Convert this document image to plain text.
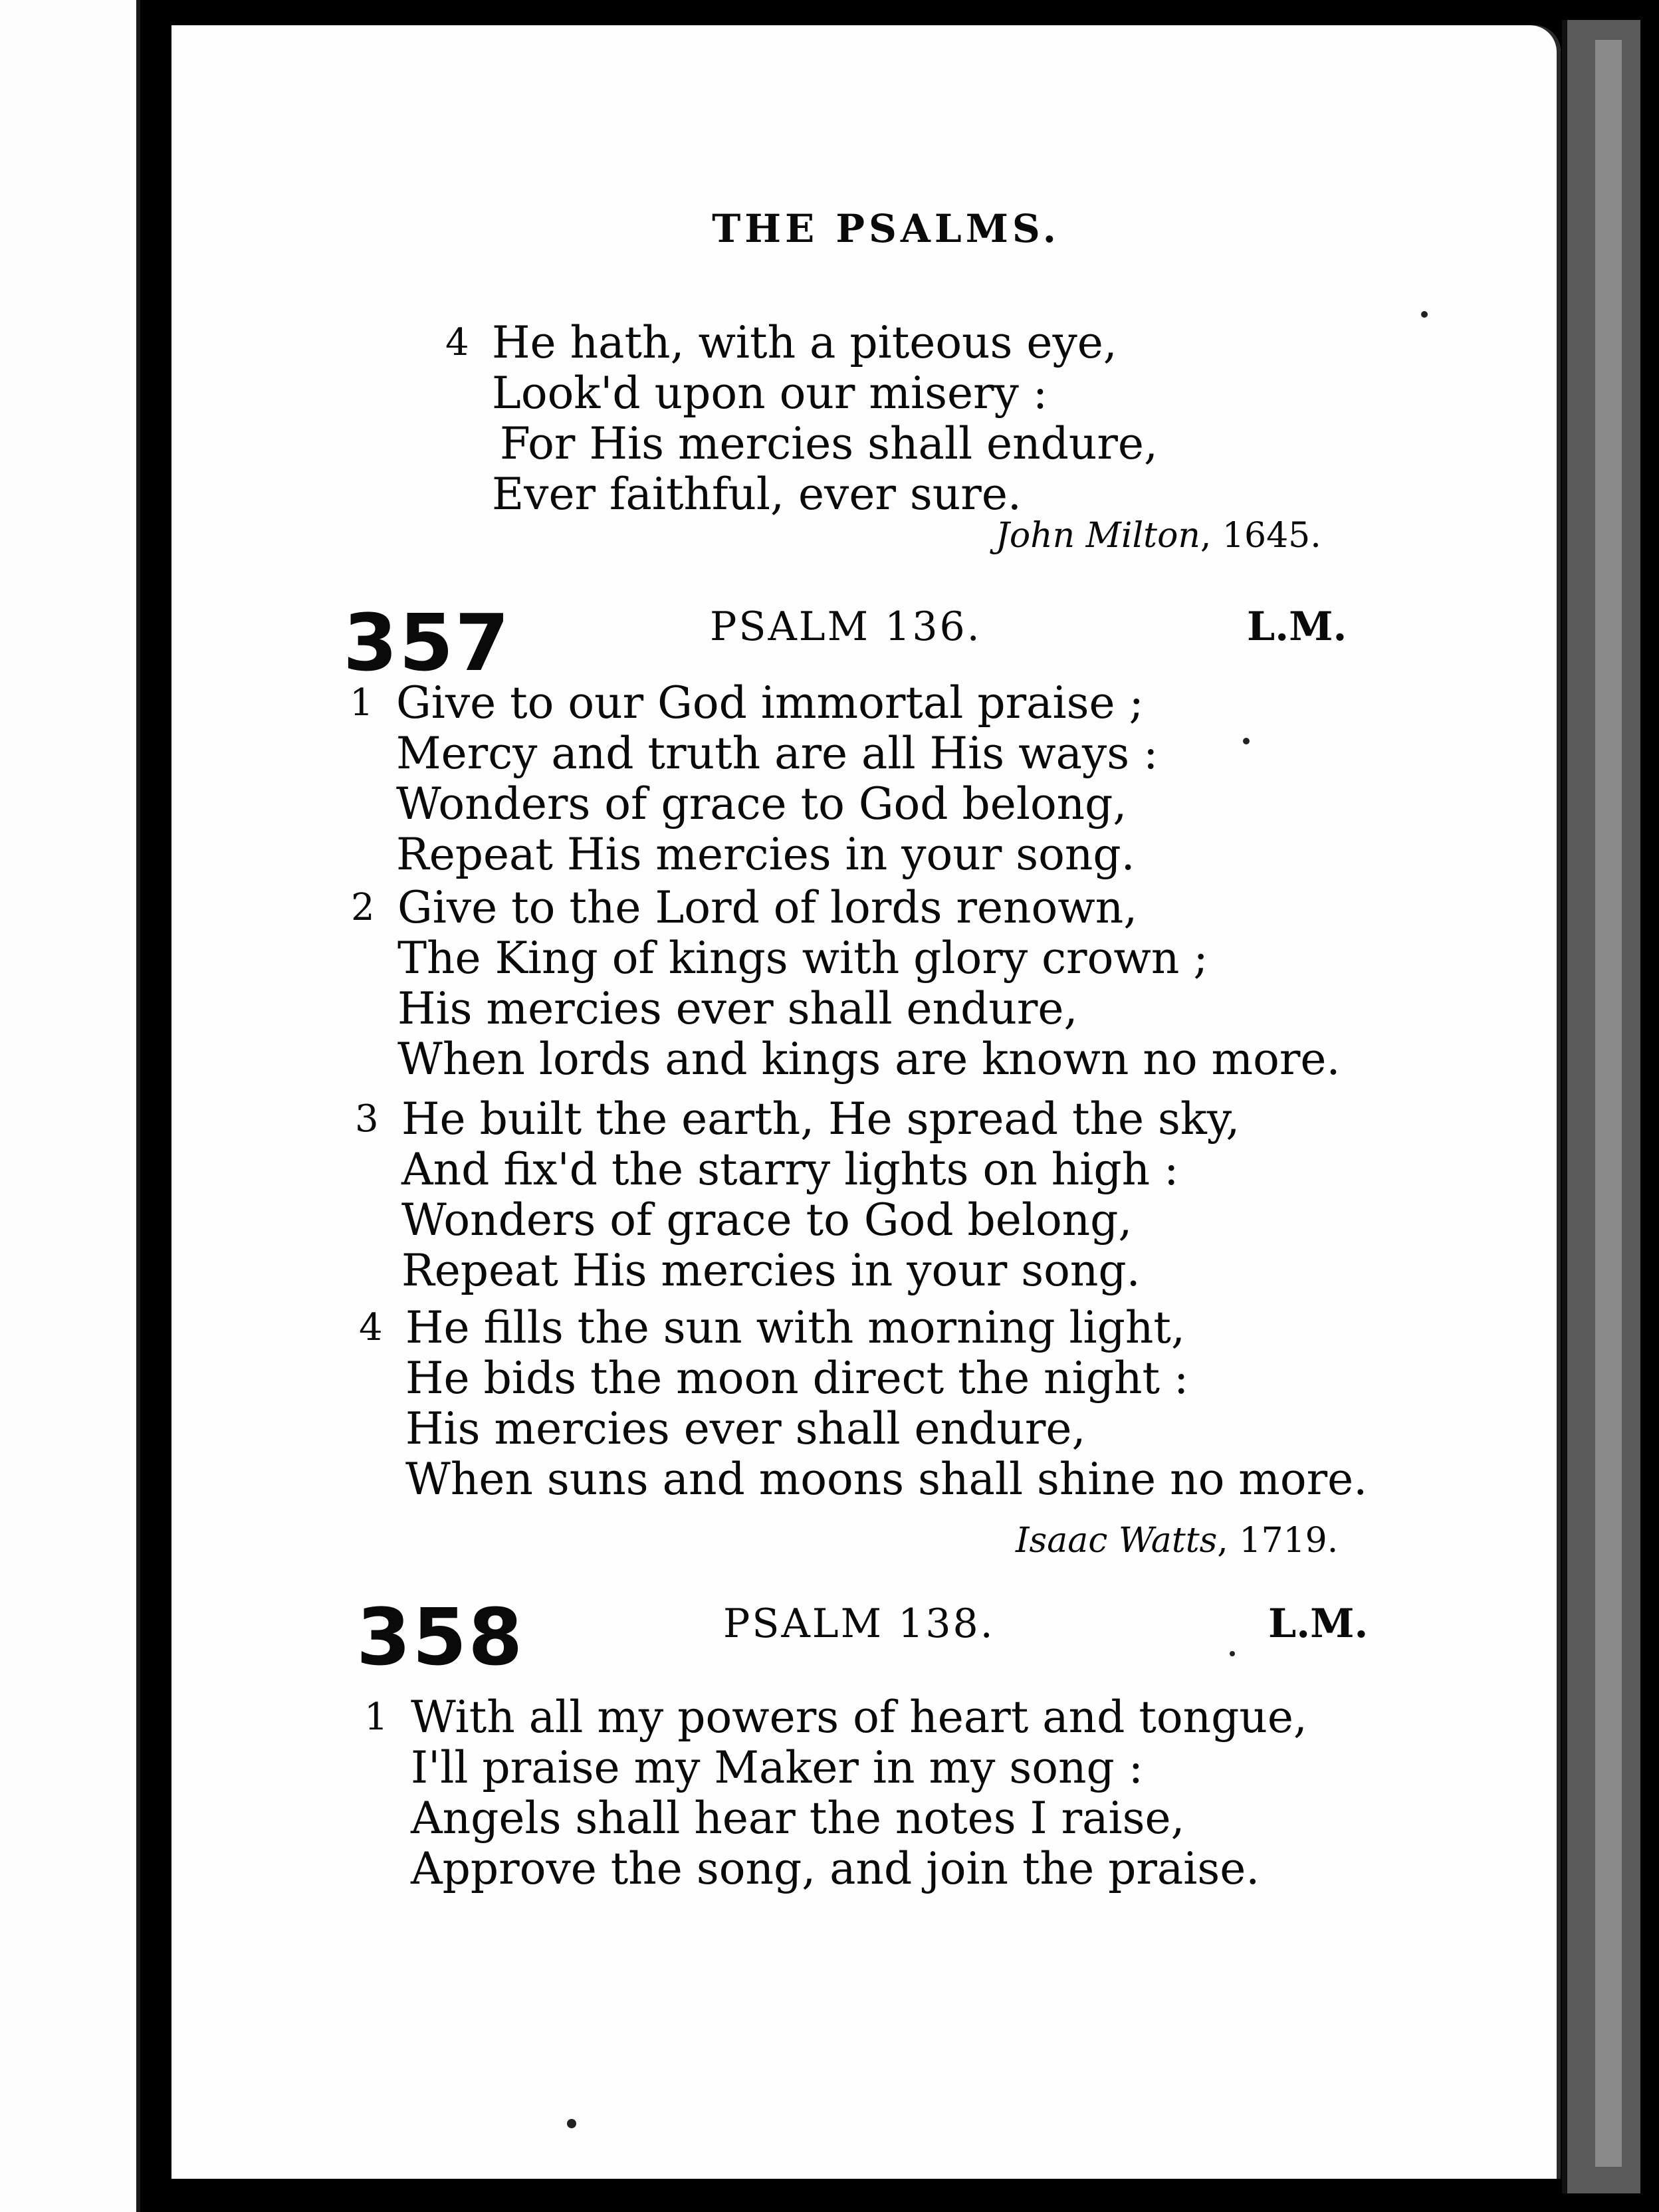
THE PSALMS.
4 He hath, with a piteous eye,
Look'd upon our misery :
For His mercies shall endure,
Ever faithful, ever sure.
John Milton, 1645.
357	PSALM 136.	L.M.
1 Give to our God immortal praise ;
Mercy and truth are all His ways :
Wonders of grace to God belong,
Repeat His mercies in your song.
2 Give to the Lord of lords renown,
The King of kings with glory crown ;
His mercies ever shall endure,
When lords and kings are known no more.
3 He built the earth, He spread the sky,
And fix'd the starry lights on high :
Wonders of grace to God belong,
Repeat His mercies in your song.
4 He fills the sun with morning light,
He bids the moon direct the night :
His mercies ever shall endure,
When suns and moons shall shine no more.
Isaac Watts, 1719.
358	PSALM 138.	L.M.
1 With all my powers of heart and tongue,
I'll praise my Maker in my song :
Angels shall hear the notes I raise,
Approve the song, and join the praise.
